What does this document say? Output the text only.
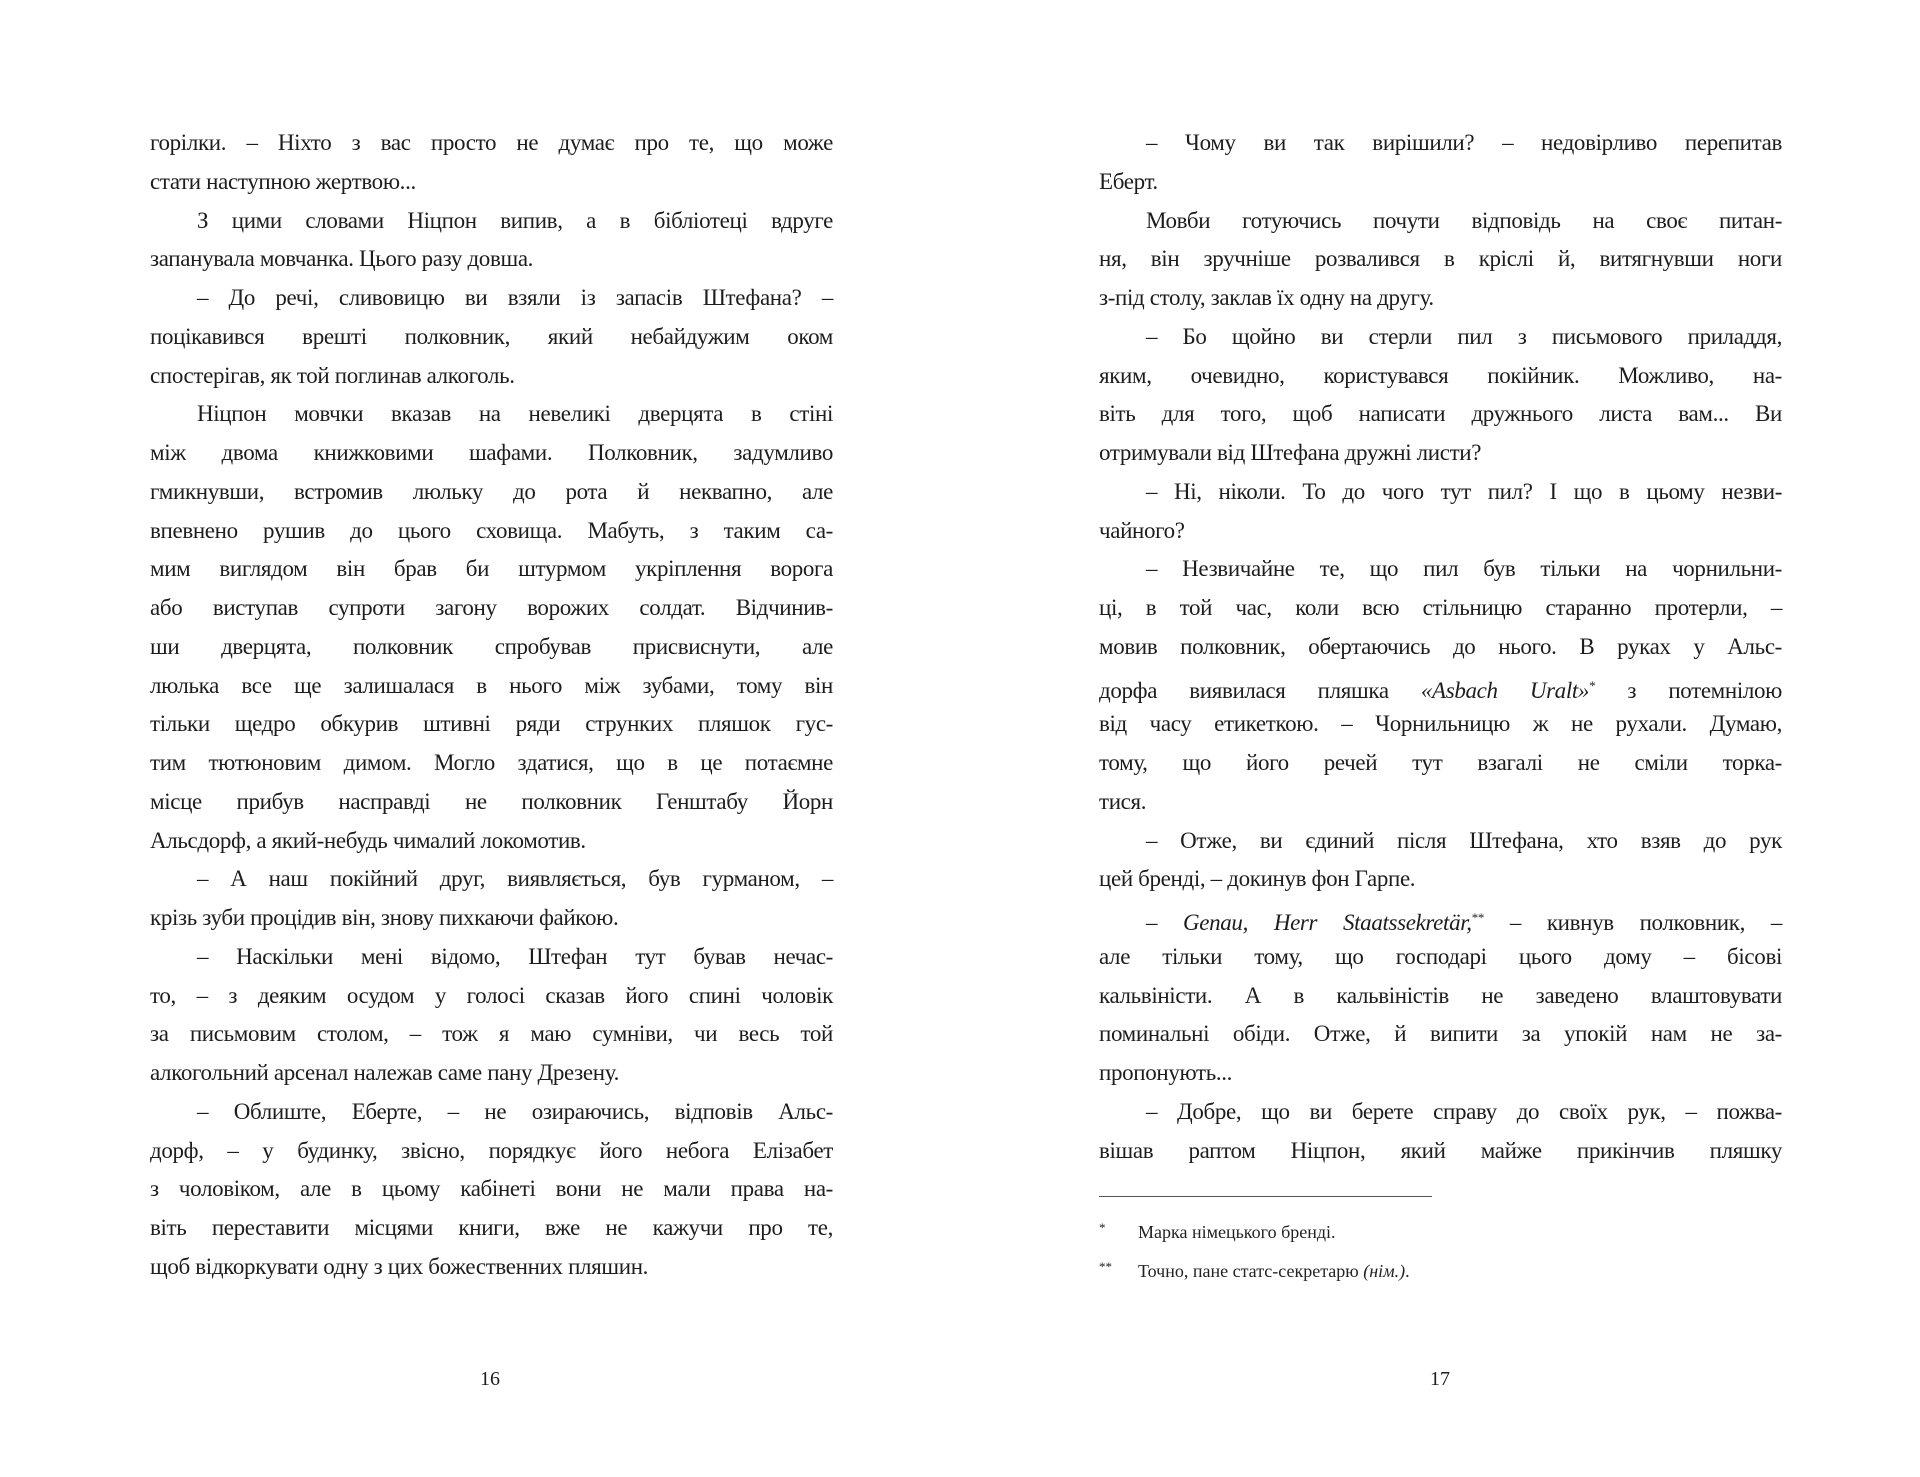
горілки. – Ніхто з вас просто не думає про те, що може
стати наступною жертвою...
З цими словами Ніцпон випив, а в бібліотеці вдруге
запанувала мовчанка. Цього разу довша.
– До речі, сливовицю ви взяли із запасів Штефана? –
поцікавився врешті полковник, який небайдужим оком
спостерігав, як той поглинав алкоголь.
Ніцпон мовчки вказав на невеликі дверцята в стіні
між двома книжковими шафами. Полковник, задумливо
гмикнувши, встромив люльку до рота й неквапно, але
впевнено рушив до цього сховища. Мабуть, з таким са-
мим виглядом він брав би штурмом укріплення ворога
або виступав супроти загону ворожих солдат. Відчинив-
ши дверцята, полковник спробував присвиснути, але
люлька все ще залишалася в нього між зубами, тому він
тільки щедро обкурив штивні ряди струнких пляшок гус-
тим тютюновим димом. Могло здатися, що в це потаємне
місце прибув насправді не полковник Генштабу Йорн
Альсдорф, а який-небудь чималий локомотив.
– А наш покійний друг, виявляється, був гурманом, –
крізь зуби процідив він, знову пихкаючи файкою.
– Наскільки мені відомо, Штефан тут бував нечас-
то, – з деяким осудом у голосі сказав його спині чоловік
за письмовим столом, – тож я маю сумніви, чи весь той
алкогольний арсенал належав саме пану Дрезену.
– Облиште, Еберте, – не озираючись, відповів Альс-
дорф, – у будинку, звісно, порядкує його небога Елізабет
з чоловіком, але в цьому кабінеті вони не мали права на-
віть переставити місцями книги, вже не кажучи про те,
щоб відкоркувати одну з цих божественних пляшин.
16
– Чому ви так вирішили? – недовірливо перепитав
Еберт.
Мовби готуючись почути відповідь на своє питан-
ня, він зручніше розвалився в кріслі й, витягнувши ноги
з-під столу, заклав їх одну на другу.
– Бо щойно ви стерли пил з письмового приладдя,
яким, очевидно, користувався покійник. Можливо, на-
віть для того, щоб написати дружнього листа вам... Ви
отримували від Штефана дружні листи?
– Ні, ніколи. То до чого тут пил? І що в цьому незви-
чайного?
– Незвичайне те, що пил був тільки на чорнильни-
ці, в той час, коли всю стільницю старанно протерли, –
мовив полковник, обертаючись до нього. В руках у Альс-
дорфа виявилася пляшка «Asbach Uralt»* з потемнілою
від часу етикеткою. – Чорнильницю ж не рухали. Думаю,
тому, що його речей тут взагалі не сміли торка-
тися.
– Отже, ви єдиний після Штефана, хто взяв до рук
цей бренді, – докинув фон Гарпе.
– Genau, Herr Staatssekretär,** – кивнув полковник, –
але тільки тому, що господарі цього дому – бісові
кальвіністи. А в кальвіністів не заведено влаштовувати
поминальні обіди. Отже, й випити за упокій нам не за-
пропонують...
– Добре, що ви берете справу до своїх рук, – пожва-
вішав раптом Ніцпон, який майже прикінчив пляшку
* Марка німецького бренді.
** Точно, пане статс-секретарю (нім.).
17
